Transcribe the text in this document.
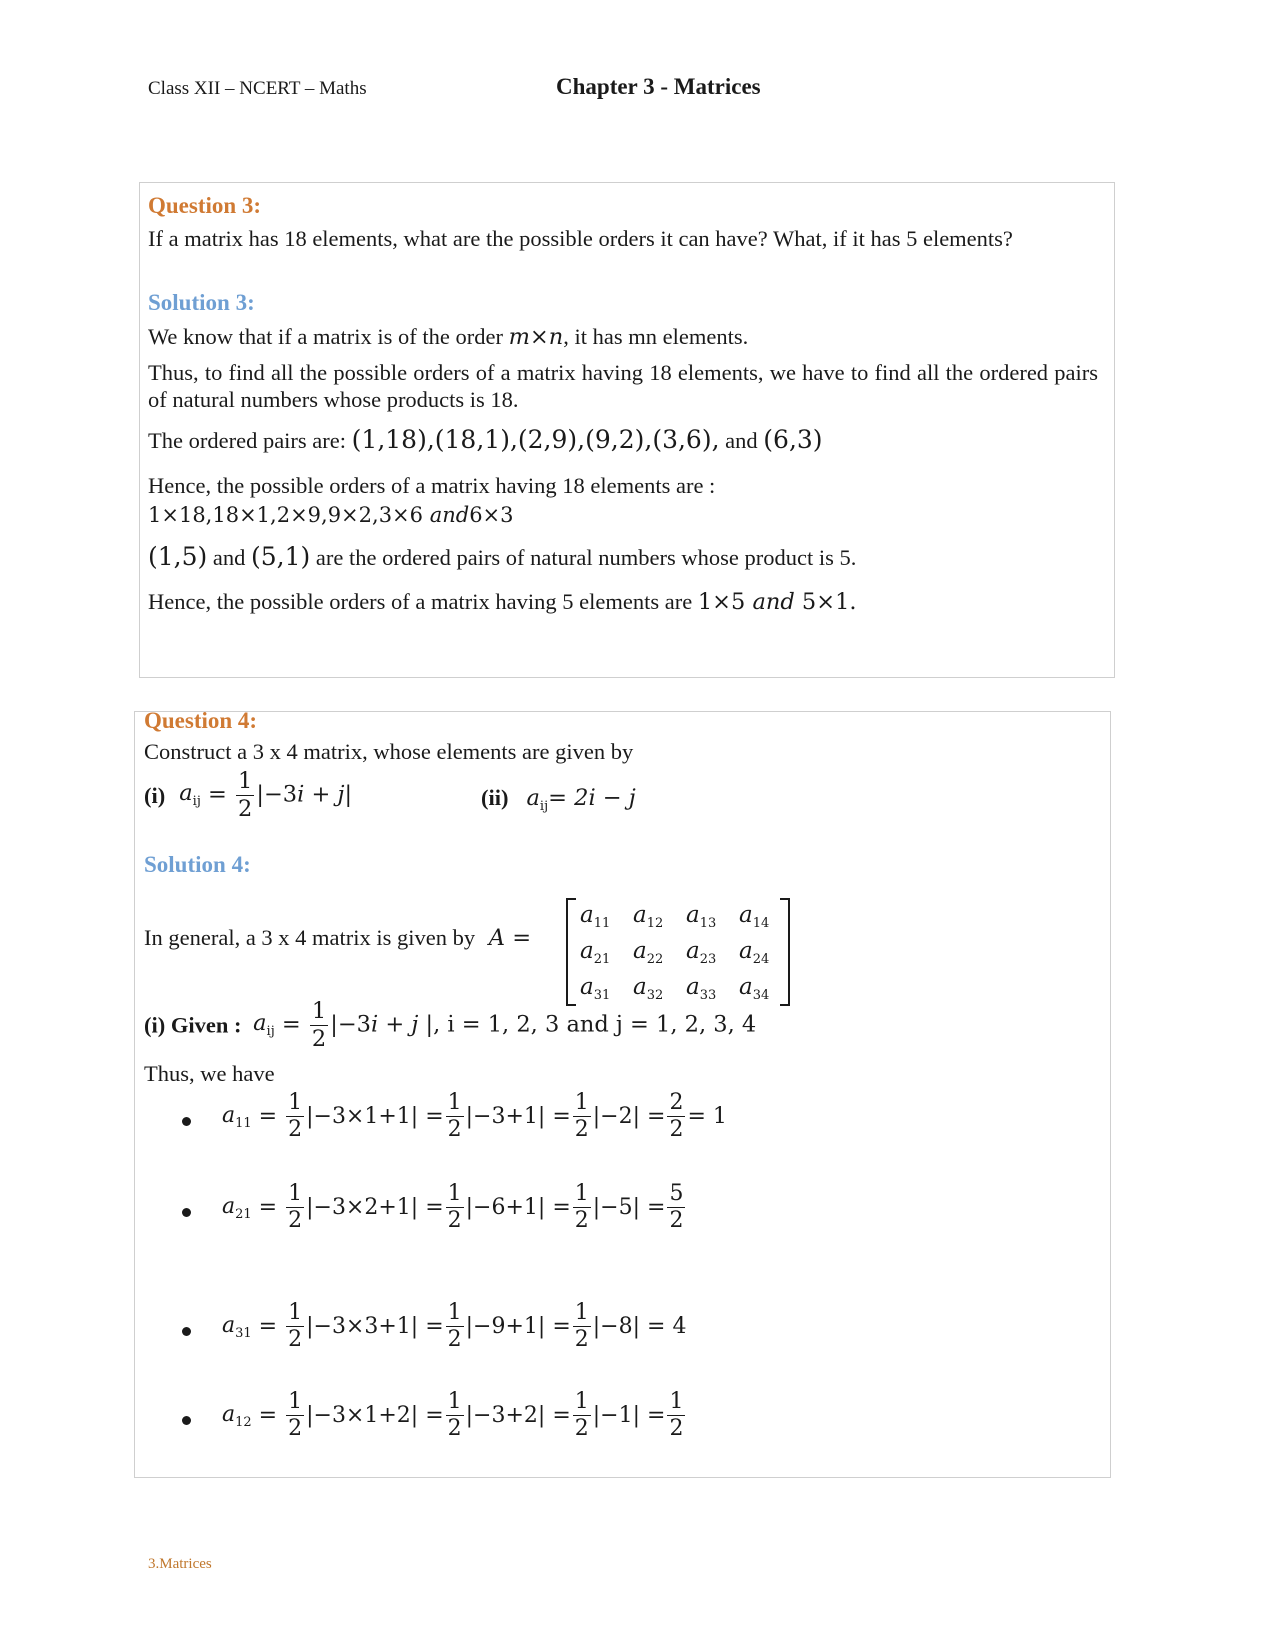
Class XII – NCERT – Maths	Chapter 3 - Matrices
Question 3:
If a matrix has 18 elements, what are the possible orders it can have? What, if it has 5 elements?
Solution 3:
We know that if a matrix is of the order m×n, it has mn elements.
Thus, to find all the possible orders of a matrix having 18 elements, we have to find all the ordered pairs of natural numbers whose products is 18.
The ordered pairs are: (1,18),(18,1),(2,9),(9,2),(3,6), and (6,3)
Hence, the possible orders of a matrix having 18 elements are :
1×18,18×1,2×9,9×2,3×6 and6×3
(1,5) and (5,1) are the ordered pairs of natural numbers whose product is 5.
Hence, the possible orders of a matrix having 5 elements are 1×5 and 5×1.
Question 4:
Construct a 3 x 4 matrix, whose elements are given by
(i) $a_{ij} = \frac{1}{2} |-3i + j|$	(ii) $a_{ij}= 2i - j$
Solution 4:
In general, a 3 x 4 matrix is given by A =
$a_{11}$ $a_{12}$ $a_{13}$ $a_{14}$
$a_{21}$ $a_{22}$ $a_{23}$ $a_{24}$
$a_{31}$ $a_{32}$ $a_{33}$ $a_{34}$
(i) Given : $a_{ij} = \frac{1}{2} |-3i + j$ |, i = 1, 2, 3 and j = 1, 2, 3, 4
Thus, we have
$a_{11} = \frac{1}{2} |-3\times 1+1| = \frac{1}{2} |-3+1| = \frac{1}{2} |-2| = \frac{2}{2} = 1$
$a_{21} = \frac{1}{2} |-3\times 2+1| = \frac{1}{2} |-6+1| = \frac{1}{2} |-5| = \frac{5}{2}$
$a_{31} = \frac{1}{2} |-3\times 3+1| = \frac{1}{2} |-9+1| = \frac{1}{2} |-8| = 4$
$a_{12} = \frac{1}{2} |-3\times 1+2| = \frac{1}{2} |-3+2| = \frac{1}{2} |-1| = \frac{1}{2}$
3.Matrices
